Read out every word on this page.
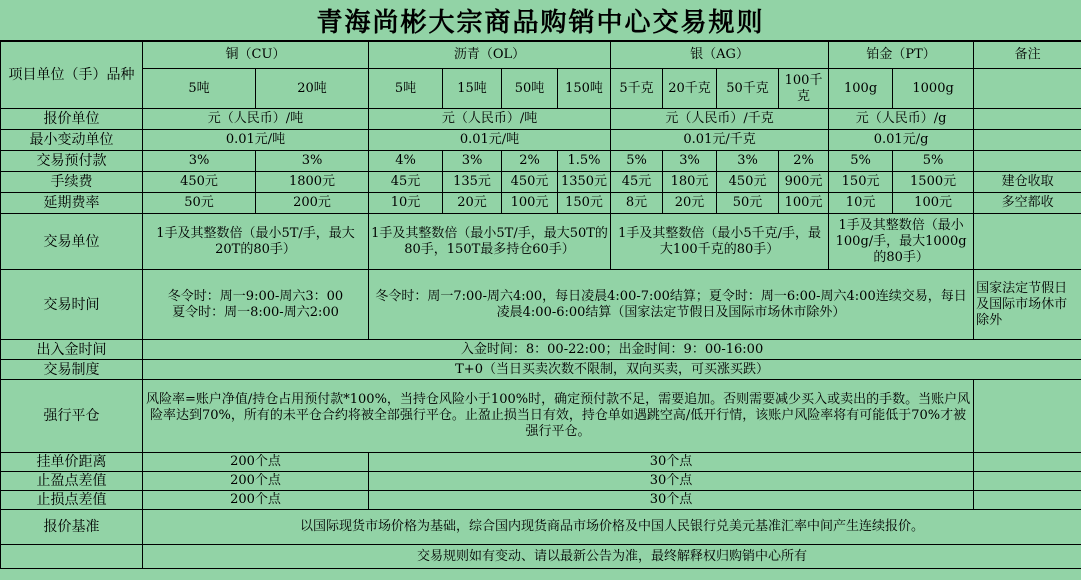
青海尚彬大宗商品购销中心交易规则
项目单位（手）品种	铜（CU）		沥青（OL）				银（AG）				铂金（PT）		备注
	5吨	20吨	5吨	15吨	50吨	150吨	5千克	20千克	50千克	100千克	100g	1000g	
报价单位	元（人民币）/吨		元（人民币）/吨				元（人民币）/千克				元（人民币）/g		
最小变动单位	0.01元/吨		0.01元/吨				0.01元/千克				0.01元/g		
交易预付款	3%	3%	4%	3%	2%	1.5%	5%	3%	3%	2%	5%	5%	
手续费	450元	1800元	45元	135元	450元	1350元	45元	180元	450元	900元	150元	1500元	建仓收取
延期费率	50元	200元	10元	20元	100元	150元	8元	20元	50元	100元	10元	100元	多空都收
交易单位	1手及其整数倍（最小5T/手，最大20T的80手）		1手及其整数倍（最小5T/手，最大50T的80手，150T最多持仓60手）				1手及其整数倍（最小5千克/手，最大100千克的80手）				1手及其整数倍（最小100g/手，最大1000g的80手）		
交易时间	冬令时：周一9:00-周六3：00
夏令时：周一8:00-周六2:00		冬令时：周一7:00-周六4:00，每日凌晨4:00-7:00结算；夏令时：周一6:00-周六4:00连续交易，每日凌晨4:00-6:00结算（国家法定节假日及国际市场休市除外）										国家法定节假日及国际市场休市除外
出入金时间	入金时间：8：00-22:00；出金时间：9：00-16:00												
交易制度	T+0（当日买卖次数不限制，双向买卖，可买涨买跌）												
强行平仓	风险率=账户净值/持仓占用预付款*100%，当持仓风险小于100%时，确定预付款不足，需要追加。否则需要减少买入或卖出的手数。当账户风险率达到70%，所有的未平仓合约将被全部强行平仓。止盈止损当日有效，持仓单如遇跳空高/低开行情，该账户风险率将有可能低于70%才被强行平仓。												
挂单价距离	200个点		30个点										
止盈点差值	200个点		30个点										
止损点差值	200个点		30个点										
报价基准	以国际现货市场价格为基础，综合国内现货商品市场价格及中国人民银行兑美元基准汇率中间产生连续报价。												
	交易规则如有变动、请以最新公告为准，最终解释权归购销中心所有												
